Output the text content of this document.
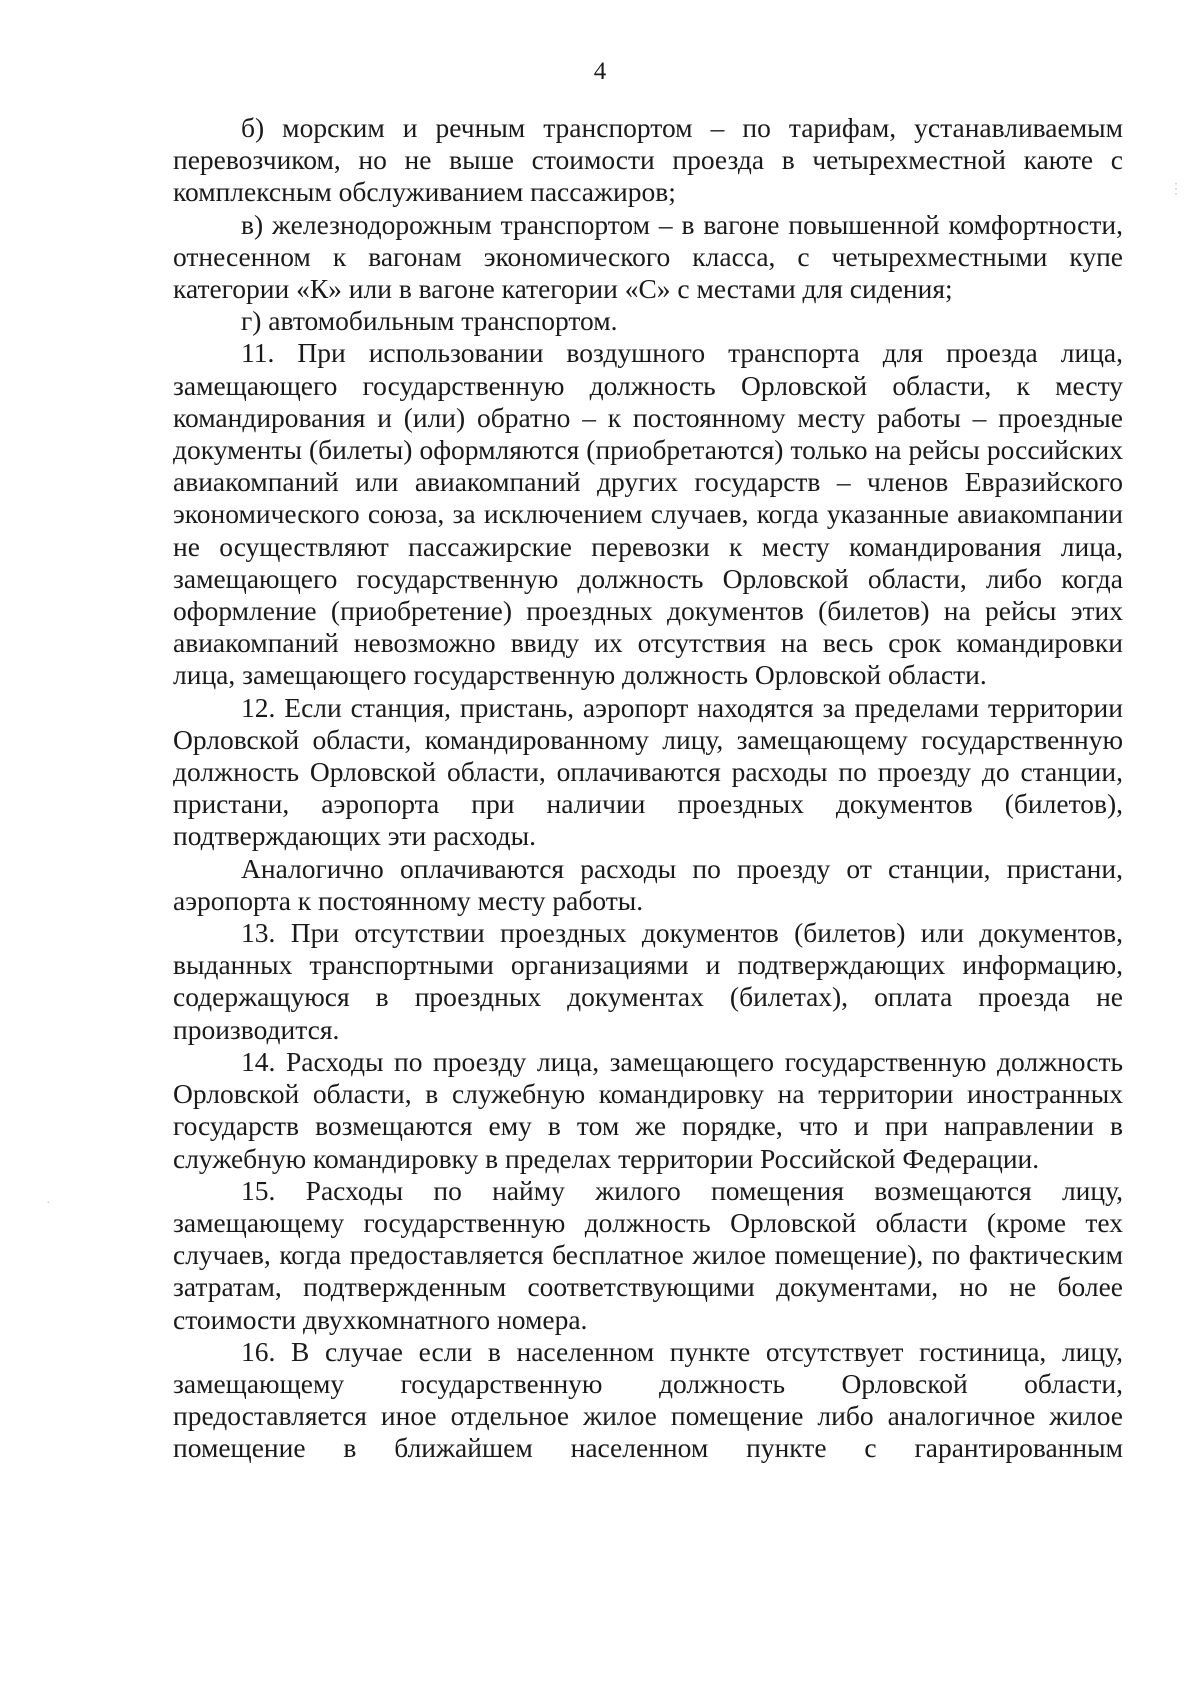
4

б) морским и речным транспортом – по тарифам, устанавливаемым перевозчиком, но не выше стоимости проезда в четырехместной каюте с комплексным обслуживанием пассажиров;

в) железнодорожным транспортом – в вагоне повышенной комфортности, отнесенном к вагонам экономического класса, с четырехместными купе категории «К» или в вагоне категории «С» с местами для сидения;

г) автомобильным транспортом.

11. При использовании воздушного транспорта для проезда лица, замещающего государственную должность Орловской области, к месту командирования и (или) обратно – к постоянному месту работы – проездные документы (билеты) оформляются (приобретаются) только на рейсы российских авиакомпаний или авиакомпаний других государств – членов Евразийского экономического союза, за исключением случаев, когда указанные авиакомпании не осуществляют пассажирские перевозки к месту командирования лица, замещающего государственную должность Орловской области, либо когда оформление (приобретение) проездных документов (билетов) на рейсы этих авиакомпаний невозможно ввиду их отсутствия на весь срок командировки лица, замещающего государственную должность Орловской области.

12. Если станция, пристань, аэропорт находятся за пределами территории Орловской области, командированному лицу, замещающему государственную должность Орловской области, оплачиваются расходы по проезду до станции, пристани, аэропорта при наличии проездных документов (билетов), подтверждающих эти расходы.

Аналогично оплачиваются расходы по проезду от станции, пристани, аэропорта к постоянному месту работы.

13. При отсутствии проездных документов (билетов) или документов, выданных транспортными организациями и подтверждающих информацию, содержащуюся в проездных документах (билетах), оплата проезда не производится.

14. Расходы по проезду лица, замещающего государственную должность Орловской области, в служебную командировку на территории иностранных государств возмещаются ему в том же порядке, что и при направлении в служебную командировку в пределах территории Российской Федерации.

15. Расходы по найму жилого помещения возмещаются лицу, замещающему государственную должность Орловской области (кроме тех случаев, когда предоставляется бесплатное жилое помещение), по фактическим затратам, подтвержденным соответствующими документами, но не более стоимости двухкомнатного номера.

16. В случае если в населенном пункте отсутствует гостиница, лицу, замещающему государственную должность Орловской области, предоставляется иное отдельное жилое помещение либо аналогичное жилое помещение в ближайшем населенном пункте с гарантированным

⋮
·
